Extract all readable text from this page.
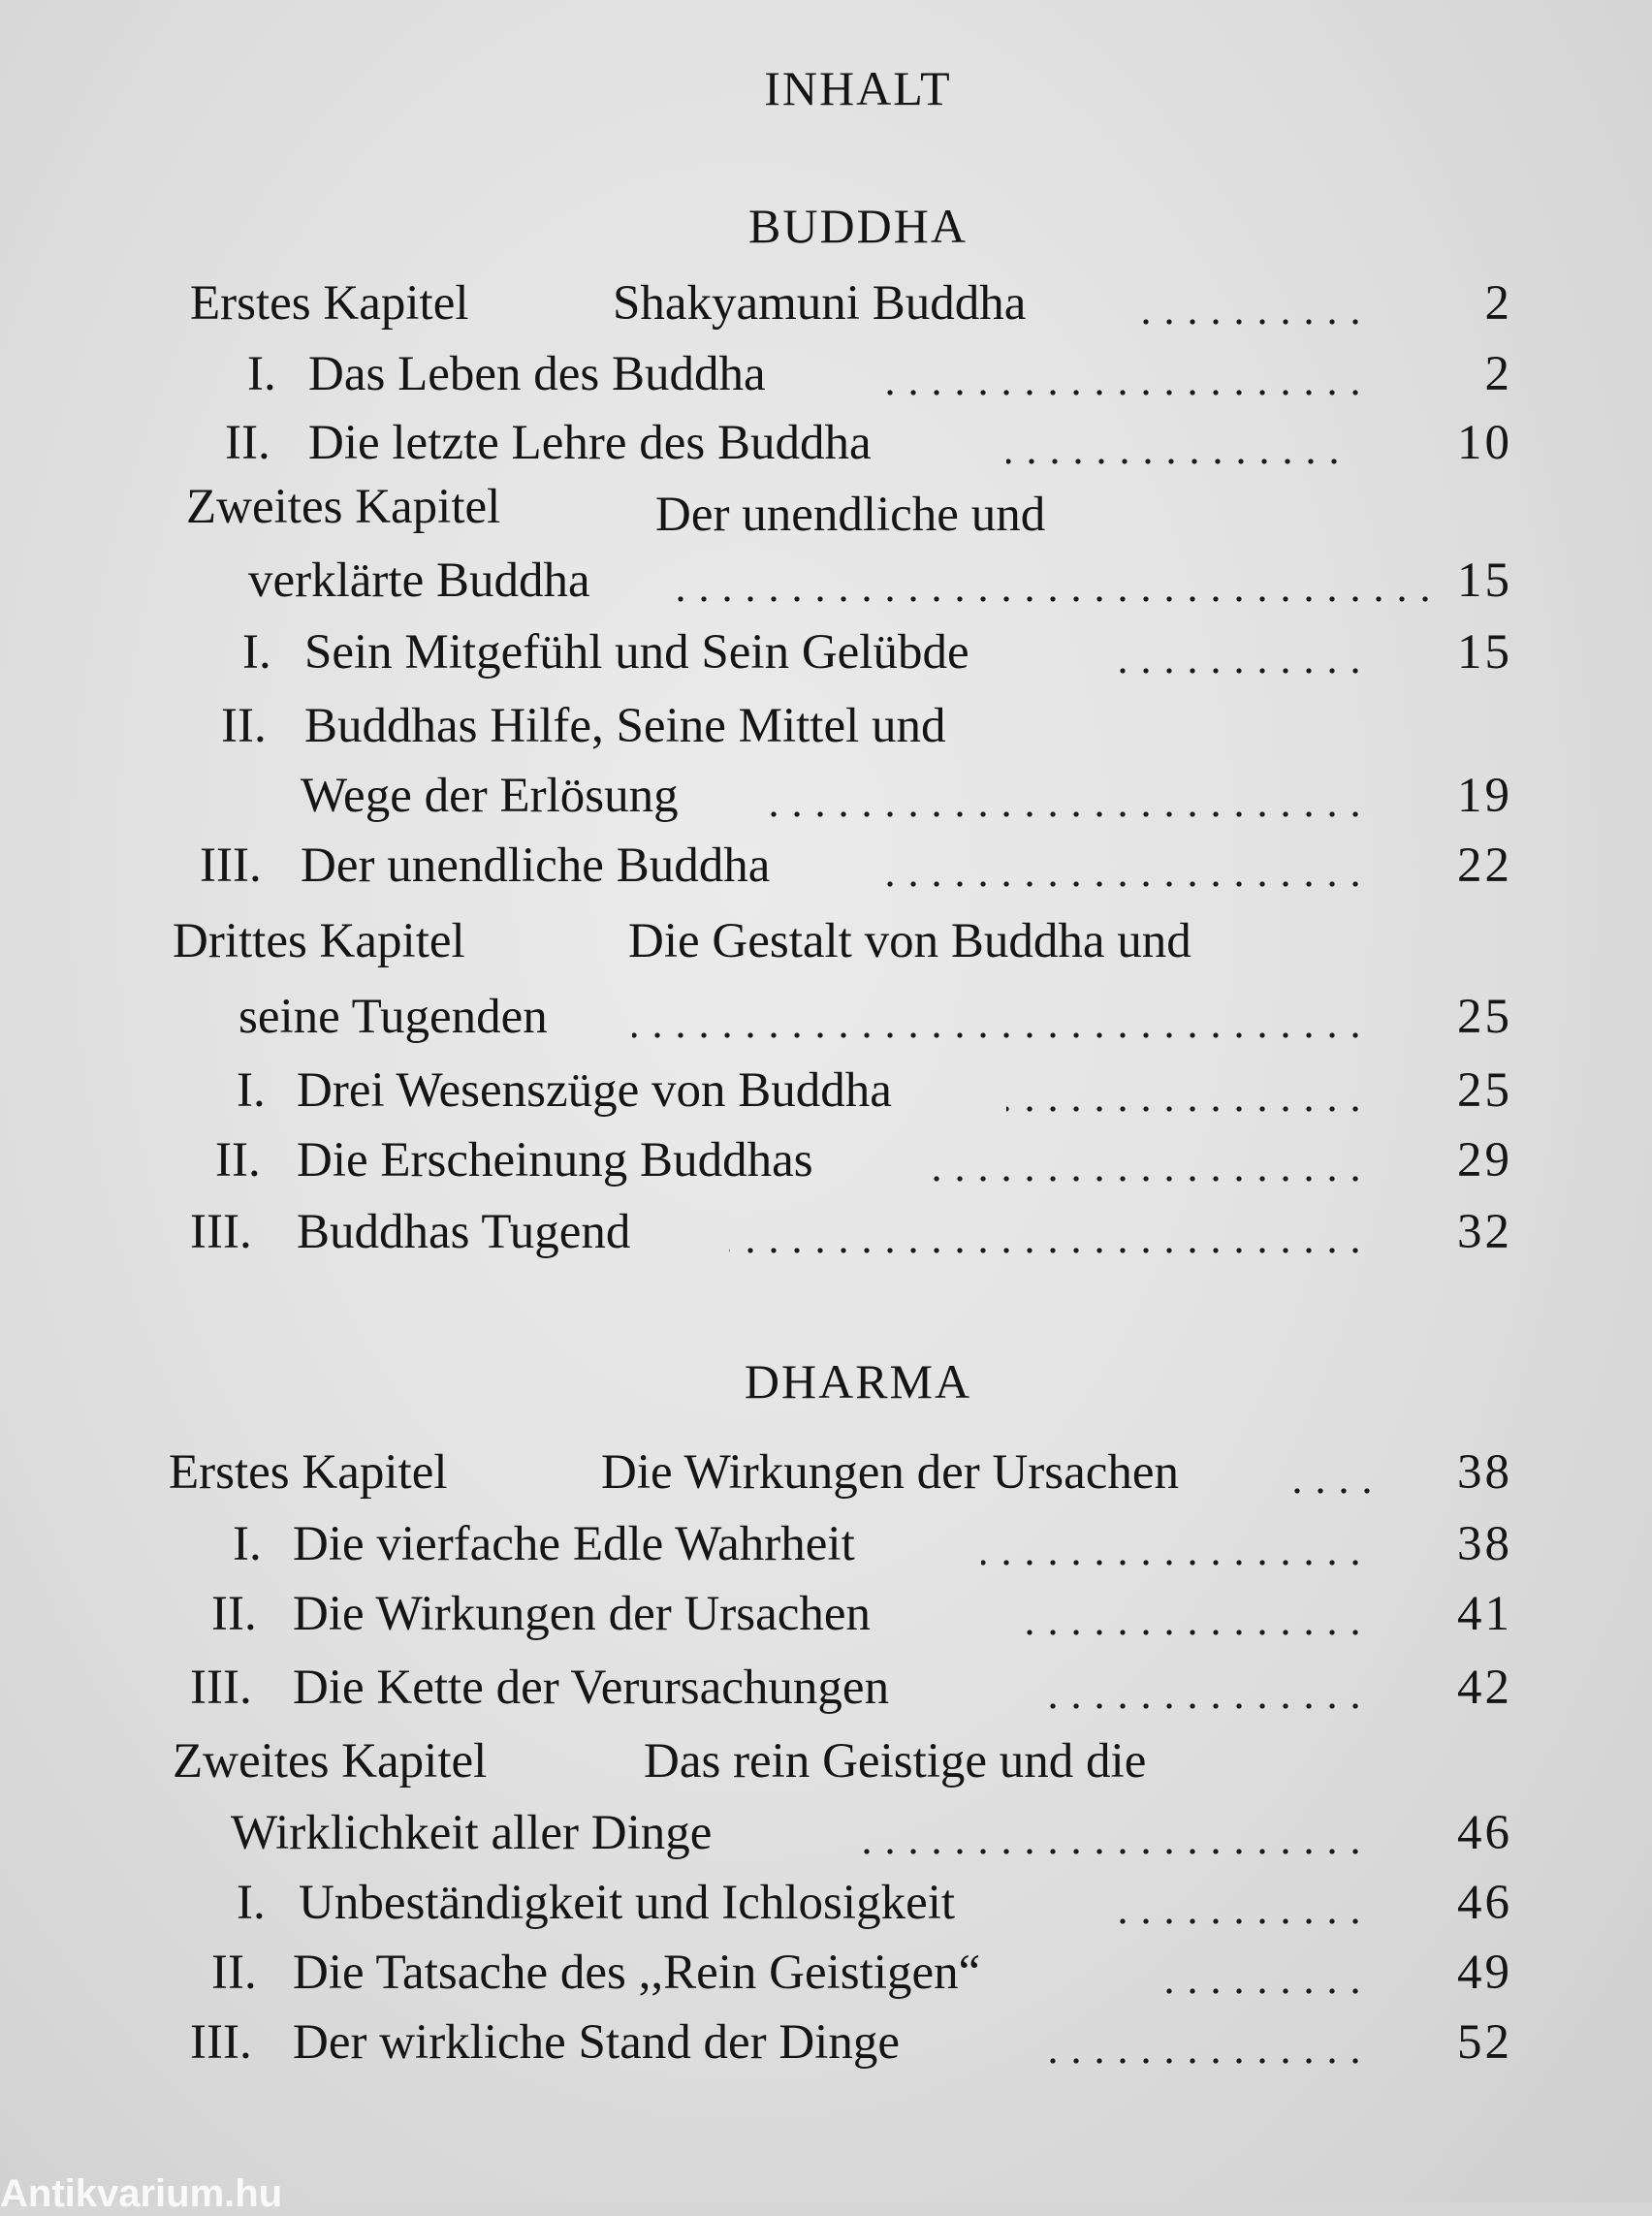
INHALT
BUDDHA
Erstes Kapitel	Shakyamuni Buddha	2
I. Das Leben des Buddha	2
II. Die letzte Lehre des Buddha	10
Zweites Kapitel	Der unendliche und
verklärte Buddha	15
I. Sein Mitgefühl und Sein Gelübde	15
II. Buddhas Hilfe, Seine Mittel und
Wege der Erlösung	19
III. Der unendliche Buddha	22
Drittes Kapitel	Die Gestalt von Buddha und
seine Tugenden	25
I. Drei Wesenszüge von Buddha	25
II. Die Erscheinung Buddhas	29
III. Buddhas Tugend	32
DHARMA
Erstes Kapitel	Die Wirkungen der Ursachen	38
I. Die vierfache Edle Wahrheit	38
II. Die Wirkungen der Ursachen	41
III. Die Kette der Verursachungen	42
Zweites Kapitel	Das rein Geistige und die
Wirklichkeit aller Dinge	46
I. Unbeständigkeit und Ichlosigkeit	46
II. Die Tatsache des ,,Rein Geistigen“	49
III. Der wirkliche Stand der Dinge	52
Antikvarium.hu
